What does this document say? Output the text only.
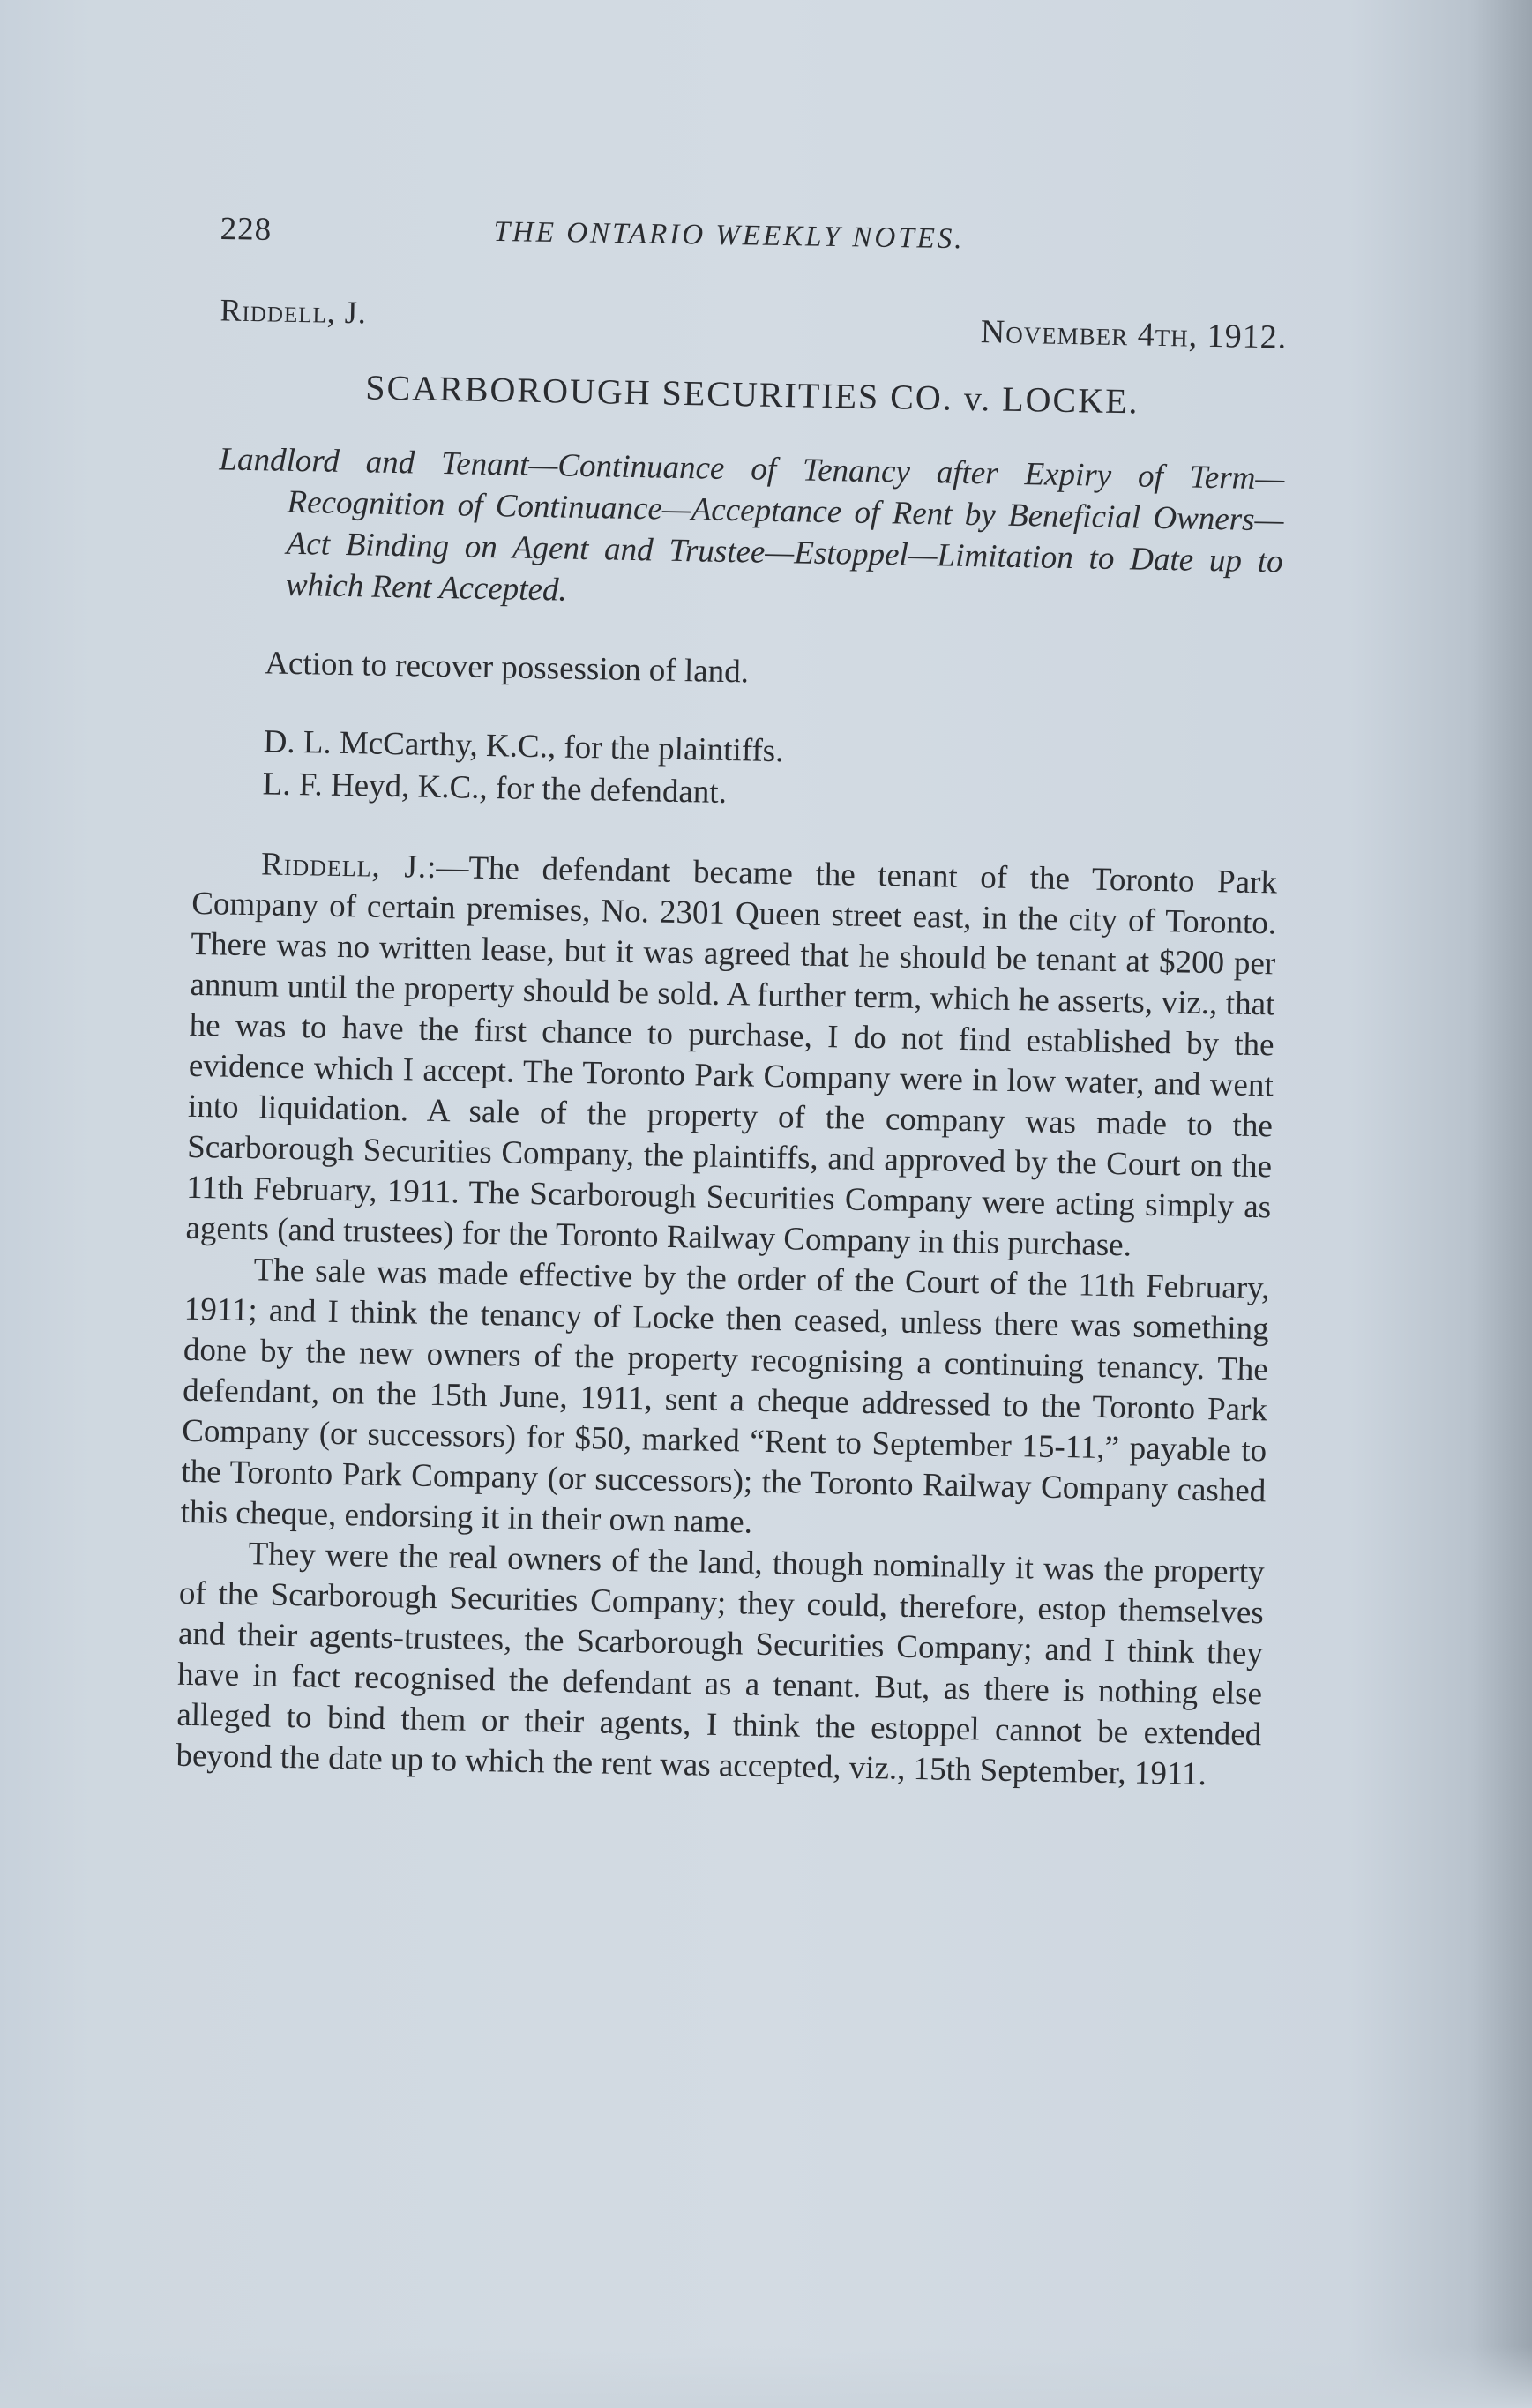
228	THE ONTARIO WEEKLY NOTES.
Riddell, J.
November 4th, 1912.
SCARBOROUGH SECURITIES CO. v. LOCKE.
Landlord and Tenant—Continuance of Tenancy after Expiry of Term—Recognition of Continuance—Acceptance of Rent by Beneficial Owners—Act Binding on Agent and Trustee—Estoppel—Limitation to Date up to which Rent Accepted.
Action to recover possession of land.
D. L. McCarthy, K.C., for the plaintiffs.
L. F. Heyd, K.C., for the defendant.

Riddell, J.:—The defendant became the tenant of the Toronto Park Company of certain premises, No. 2301 Queen street east, in the city of Toronto. There was no written lease, but it was agreed that he should be tenant at $200 per annum until the property should be sold. A further term, which he asserts, viz., that he was to have the first chance to purchase, I do not find established by the evidence which I accept. The Toronto Park Company were in low water, and went into liquidation. A sale of the property of the company was made to the Scarborough Securities Company, the plaintiffs, and approved by the Court on the 11th February, 1911. The Scarborough Securities Company were acting simply as agents (and trustees) for the Toronto Railway Company in this purchase.

The sale was made effective by the order of the Court of the 11th February, 1911; and I think the tenancy of Locke then ceased, unless there was something done by the new owners of the property recognising a continuing tenancy. The defendant, on the 15th June, 1911, sent a cheque addressed to the Toronto Park Company (or successors) for $50, marked “Rent to September 15-11,” payable to the Toronto Park Company (or successors); the Toronto Railway Company cashed this cheque, endorsing it in their own name.

They were the real owners of the land, though nominally it was the property of the Scarborough Securities Company; they could, therefore, estop themselves and their agents-trustees, the Scarborough Securities Company; and I think they have in fact recognised the defendant as a tenant. But, as there is nothing else alleged to bind them or their agents, I think the estoppel cannot be extended beyond the date up to which the rent was accepted, viz., 15th September, 1911.
